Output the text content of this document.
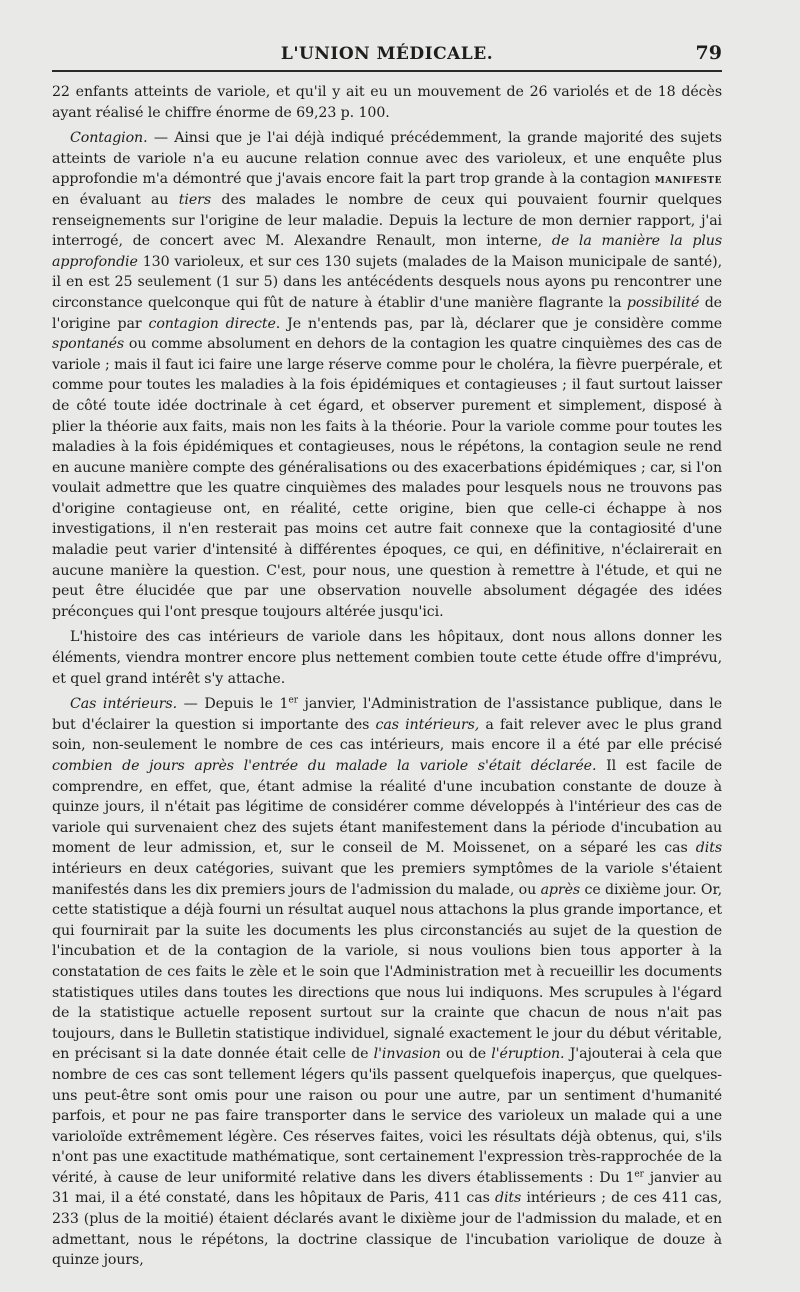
L'UNION MÉDICALE.	79

22 enfants atteints de variole, et qu'il y ait eu un mouvement de 26 variolés et de 18 décès ayant réalisé le chiffre énorme de 69,23 p. 100.

Contagion. — Ainsi que je l'ai déjà indiqué précédemment, la grande majorité des sujets atteints de variole n'a eu aucune relation connue avec des varioleux, et une enquête plus approfondie m'a démontré que j'avais encore fait la part trop grande à la contagion manifeste en évaluant au tiers des malades le nombre de ceux qui pouvaient fournir quelques renseignements sur l'origine de leur maladie. Depuis la lecture de mon dernier rapport, j'ai interrogé, de concert avec M. Alexandre Renault, mon interne, de la manière la plus approfondie 130 varioleux, et sur ces 130 sujets (malades de la Maison municipale de santé), il en est 25 seulement (1 sur 5) dans les antécédents desquels nous ayons pu rencontrer une circonstance quelconque qui fût de nature à établir d'une manière flagrante la possibilité de l'origine par contagion directe. Je n'entends pas, par là, déclarer que je considère comme spontanés ou comme absolument en dehors de la contagion les quatre cinquièmes des cas de variole ; mais il faut ici faire une large réserve comme pour le choléra, la fièvre puerpérale, et comme pour toutes les maladies à la fois épidémiques et contagieuses ; il faut surtout laisser de côté toute idée doctrinale à cet égard, et observer purement et simplement, disposé à plier la théorie aux faits, mais non les faits à la théorie. Pour la variole comme pour toutes les maladies à la fois épidémiques et contagieuses, nous le répétons, la contagion seule ne rend en aucune manière compte des généralisations ou des exacerbations épidémiques ; car, si l'on voulait admettre que les quatre cinquièmes des malades pour lesquels nous ne trouvons pas d'origine contagieuse ont, en réalité, cette origine, bien que celle-ci échappe à nos investigations, il n'en resterait pas moins cet autre fait connexe que la contagiosité d'une maladie peut varier d'intensité à différentes époques, ce qui, en définitive, n'éclairerait en aucune manière la question. C'est, pour nous, une question à remettre à l'étude, et qui ne peut être élucidée que par une observation nouvelle absolument dégagée des idées préconçues qui l'ont presque toujours altérée jusqu'ici.

L'histoire des cas intérieurs de variole dans les hôpitaux, dont nous allons donner les éléments, viendra montrer encore plus nettement combien toute cette étude offre d'imprévu, et quel grand intérêt s'y attache.

Cas intérieurs. — Depuis le 1er janvier, l'Administration de l'assistance publique, dans le but d'éclairer la question si importante des cas intérieurs, a fait relever avec le plus grand soin, non-seulement le nombre de ces cas intérieurs, mais encore il a été par elle précisé combien de jours après l'entrée du malade la variole s'était déclarée. Il est facile de comprendre, en effet, que, étant admise la réalité d'une incubation constante de douze à quinze jours, il n'était pas légitime de considérer comme développés à l'intérieur des cas de variole qui survenaient chez des sujets étant manifestement dans la période d'incubation au moment de leur admission, et, sur le conseil de M. Moissenet, on a séparé les cas dits intérieurs en deux catégories, suivant que les premiers symptômes de la variole s'étaient manifestés dans les dix premiers jours de l'admission du malade, ou après ce dixième jour. Or, cette statistique a déjà fourni un résultat auquel nous attachons la plus grande importance, et qui fournirait par la suite les documents les plus circonstanciés au sujet de la question de l'incubation et de la contagion de la variole, si nous voulions bien tous apporter à la constatation de ces faits le zèle et le soin que l'Administration met à recueillir les documents statistiques utiles dans toutes les directions que nous lui indiquons. Mes scrupules à l'égard de la statistique actuelle reposent surtout sur la crainte que chacun de nous n'ait pas toujours, dans le Bulletin statistique individuel, signalé exactement le jour du début véritable, en précisant si la date donnée était celle de l'invasion ou de l'éruption. J'ajouterai à cela que nombre de ces cas sont tellement légers qu'ils passent quelquefois inaperçus, que quelques-uns peut-être sont omis pour une raison ou pour une autre, par un sentiment d'humanité parfois, et pour ne pas faire transporter dans le service des varioleux un malade qui a une varioloïde extrêmement légère. Ces réserves faites, voici les résultats déjà obtenus, qui, s'ils n'ont pas une exactitude mathématique, sont certainement l'expression très-rapprochée de la vérité, à cause de leur uniformité relative dans les divers établissements : Du 1er janvier au 31 mai, il a été constaté, dans les hôpitaux de Paris, 411 cas dits intérieurs ; de ces 411 cas, 233 (plus de la moitié) étaient déclarés avant le dixième jour de l'admission du malade, et en admettant, nous le répétons, la doctrine classique de l'incubation variolique de douze à quinze jours,
